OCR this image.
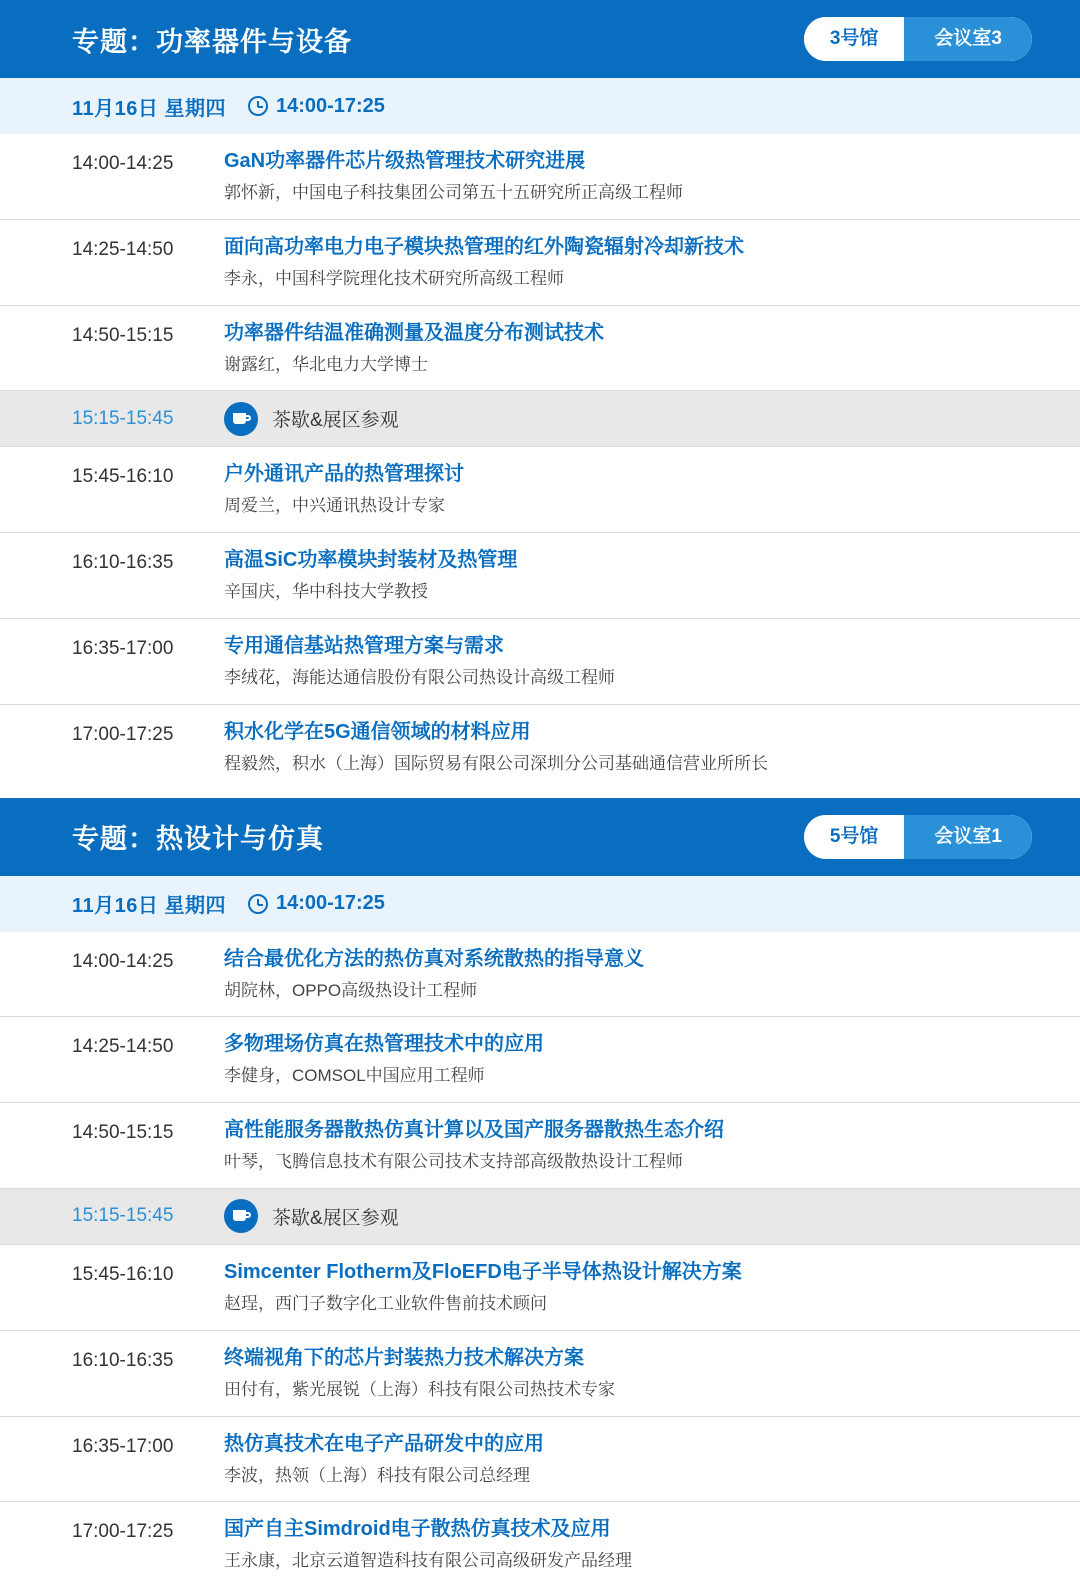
专题：功率器件与设备	3号馆	会议室3
11月16日 星期四	14:00-17:25
14:00-14:25	GaN功率器件芯片级热管理技术研究进展
郭怀新，中国电子科技集团公司第五十五研究所正高级工程师
14:25-14:50	面向高功率电力电子模块热管理的红外陶瓷辐射冷却新技术
李永，中国科学院理化技术研究所高级工程师
14:50-15:15	功率器件结温准确测量及温度分布测试技术
谢露红，华北电力大学博士
15:15-15:45	茶歇&展区参观
15:45-16:10	户外通讯产品的热管理探讨
周爱兰，中兴通讯热设计专家
16:10-16:35	高温SiC功率模块封装材及热管理
辛国庆，华中科技大学教授
16:35-17:00	专用通信基站热管理方案与需求
李绒花，海能达通信股份有限公司热设计高级工程师
17:00-17:25	积水化学在5G通信领域的材料应用
程毅然，积水（上海）国际贸易有限公司深圳分公司基础通信营业所所长
专题：热设计与仿真	5号馆	会议室1
11月16日 星期四	14:00-17:25
14:00-14:25	结合最优化方法的热仿真对系统散热的指导意义
胡院林，OPPO高级热设计工程师
14:25-14:50	多物理场仿真在热管理技术中的应用
李健身，COMSOL中国应用工程师
14:50-15:15	高性能服务器散热仿真计算以及国产服务器散热生态介绍
叶琴，飞腾信息技术有限公司技术支持部高级散热设计工程师
15:15-15:45	茶歇&展区参观
15:45-16:10	Simcenter Flotherm及FloEFD电子半导体热设计解决方案
赵珵，西门子数字化工业软件售前技术顾问
16:10-16:35	终端视角下的芯片封装热力技术解决方案
田付有，紫光展锐（上海）科技有限公司热技术专家
16:35-17:00	热仿真技术在电子产品研发中的应用
李波，热领（上海）科技有限公司总经理
17:00-17:25	国产自主Simdroid电子散热仿真技术及应用
王永康，北京云道智造科技有限公司高级研发产品经理
